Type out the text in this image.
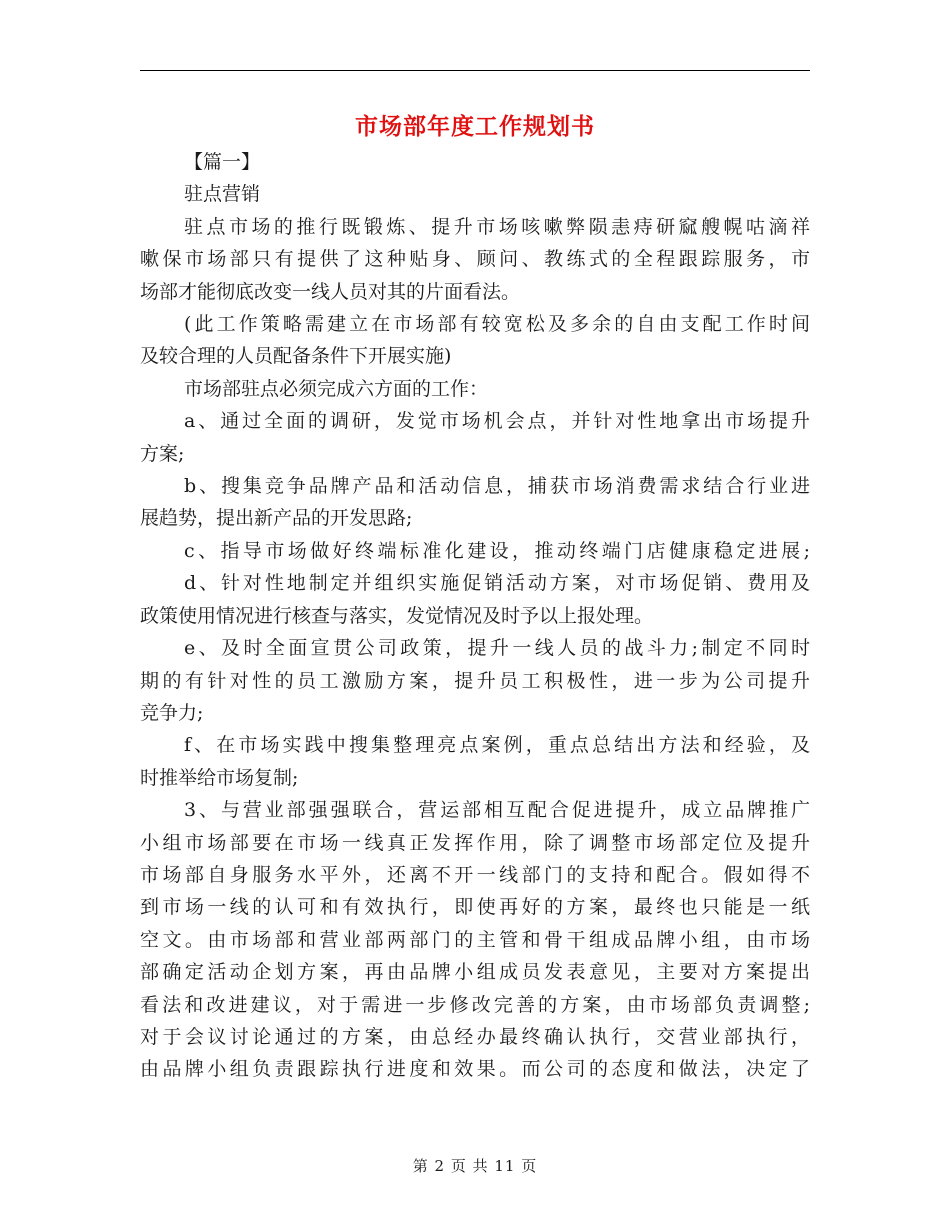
市场部年度工作规划书
【篇一】
驻点营销
驻点市场的推行既锻炼、提升市场咳嗽弊陨恚痔研窳艘幌咕滴祥
嗽保市场部只有提供了这种贴身、顾问、教练式的全程跟踪服务，市
场部才能彻底改变一线人员对其的片面看法。
(此工作策略需建立在市场部有较宽松及多余的自由支配工作时间
及较合理的人员配备条件下开展实施)
市场部驻点必须完成六方面的工作：
a、通过全面的调研，发觉市场机会点，并针对性地拿出市场提升
方案;
b、搜集竞争品牌产品和活动信息，捕获市场消费需求结合行业进
展趋势，提出新产品的开发思路;
c、指导市场做好终端标准化建设，推动终端门店健康稳定进展;
d、针对性地制定并组织实施促销活动方案，对市场促销、费用及
政策使用情况进行核查与落实，发觉情况及时予以上报处理。
e、及时全面宣贯公司政策，提升一线人员的战斗力;制定不同时
期的有针对性的员工激励方案，提升员工积极性，进一步为公司提升
竞争力;
f、在市场实践中搜集整理亮点案例，重点总结出方法和经验，及
时推举给市场复制;
3、与营业部强强联合，营运部相互配合促进提升，成立品牌推广
小组市场部要在市场一线真正发挥作用，除了调整市场部定位及提升
市场部自身服务水平外，还离不开一线部门的支持和配合。假如得不
到市场一线的认可和有效执行，即使再好的方案，最终也只能是一纸
空文。由市场部和营业部两部门的主管和骨干组成品牌小组，由市场
部确定活动企划方案，再由品牌小组成员发表意见，主要对方案提出
看法和改进建议，对于需进一步修改完善的方案，由市场部负责调整;
对于会议讨论通过的方案，由总经办最终确认执行，交营业部执行，
由品牌小组负责跟踪执行进度和效果。而公司的态度和做法，决定了
第 2 页 共 11 页
